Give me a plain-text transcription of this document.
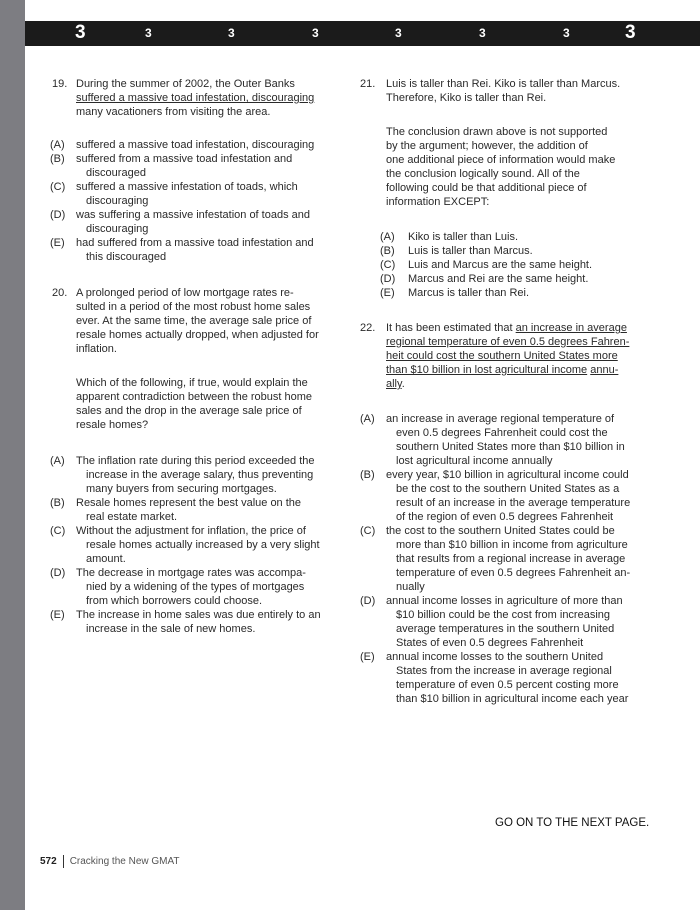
3	3	3	3	3	3	3	3
19. During the summer of 2002, the Outer Banks
suffered a massive toad infestation, discouraging
many vacationers from visiting the area.
(A) suffered a massive toad infestation, discouraging
(B) suffered from a massive toad infestation and
discouraged
(C) suffered a massive infestation of toads, which
discouraging
(D) was suffering a massive infestation of toads and
discouraging
(E) had suffered from a massive toad infestation and
this discouraged
20. A prolonged period of low mortgage rates re-
sulted in a period of the most robust home sales
ever. At the same time, the average sale price of
resale homes actually dropped, when adjusted for
inflation.
Which of the following, if true, would explain the
apparent contradiction between the robust home
sales and the drop in the average sale price of
resale homes?
(A) The inflation rate during this period exceeded the
increase in the average salary, thus preventing
many buyers from securing mortgages.
(B) Resale homes represent the best value on the
real estate market.
(C) Without the adjustment for inflation, the price of
resale homes actually increased by a very slight
amount.
(D) The decrease in mortgage rates was accompa-
nied by a widening of the types of mortgages
from which borrowers could choose.
(E) The increase in home sales was due entirely to an
increase in the sale of new homes.
21. Luis is taller than Rei. Kiko is taller than Marcus.
Therefore, Kiko is taller than Rei.
The conclusion drawn above is not supported
by the argument; however, the addition of
one additional piece of information would make
the conclusion logically sound. All of the
following could be that additional piece of
information EXCEPT:
(A) Kiko is taller than Luis.
(B) Luis is taller than Marcus.
(C) Luis and Marcus are the same height.
(D) Marcus and Rei are the same height.
(E) Marcus is taller than Rei.
22. It has been estimated that an increase in average
regional temperature of even 0.5 degrees Fahren-
heit could cost the southern United States more
than $10 billion in lost agricultural income annu-
ally.
(A) an increase in average regional temperature of
even 0.5 degrees Fahrenheit could cost the
southern United States more than $10 billion in
lost agricultural income annually
(B) every year, $10 billion in agricultural income could
be the cost to the southern United States as a
result of an increase in the average temperature
of the region of even 0.5 degrees Fahrenheit
(C) the cost to the southern United States could be
more than $10 billion in income from agriculture
that results from a regional increase in average
temperature of even 0.5 degrees Fahrenheit an-
nually
(D) annual income losses in agriculture of more than
$10 billion could be the cost from increasing
average temperatures in the southern United
States of even 0.5 degrees Fahrenheit
(E) annual income losses to the southern United
States from the increase in average regional
temperature of even 0.5 percent costing more
than $10 billion in agricultural income each year
GO ON TO THE NEXT PAGE.
572 Cracking the New GMAT
